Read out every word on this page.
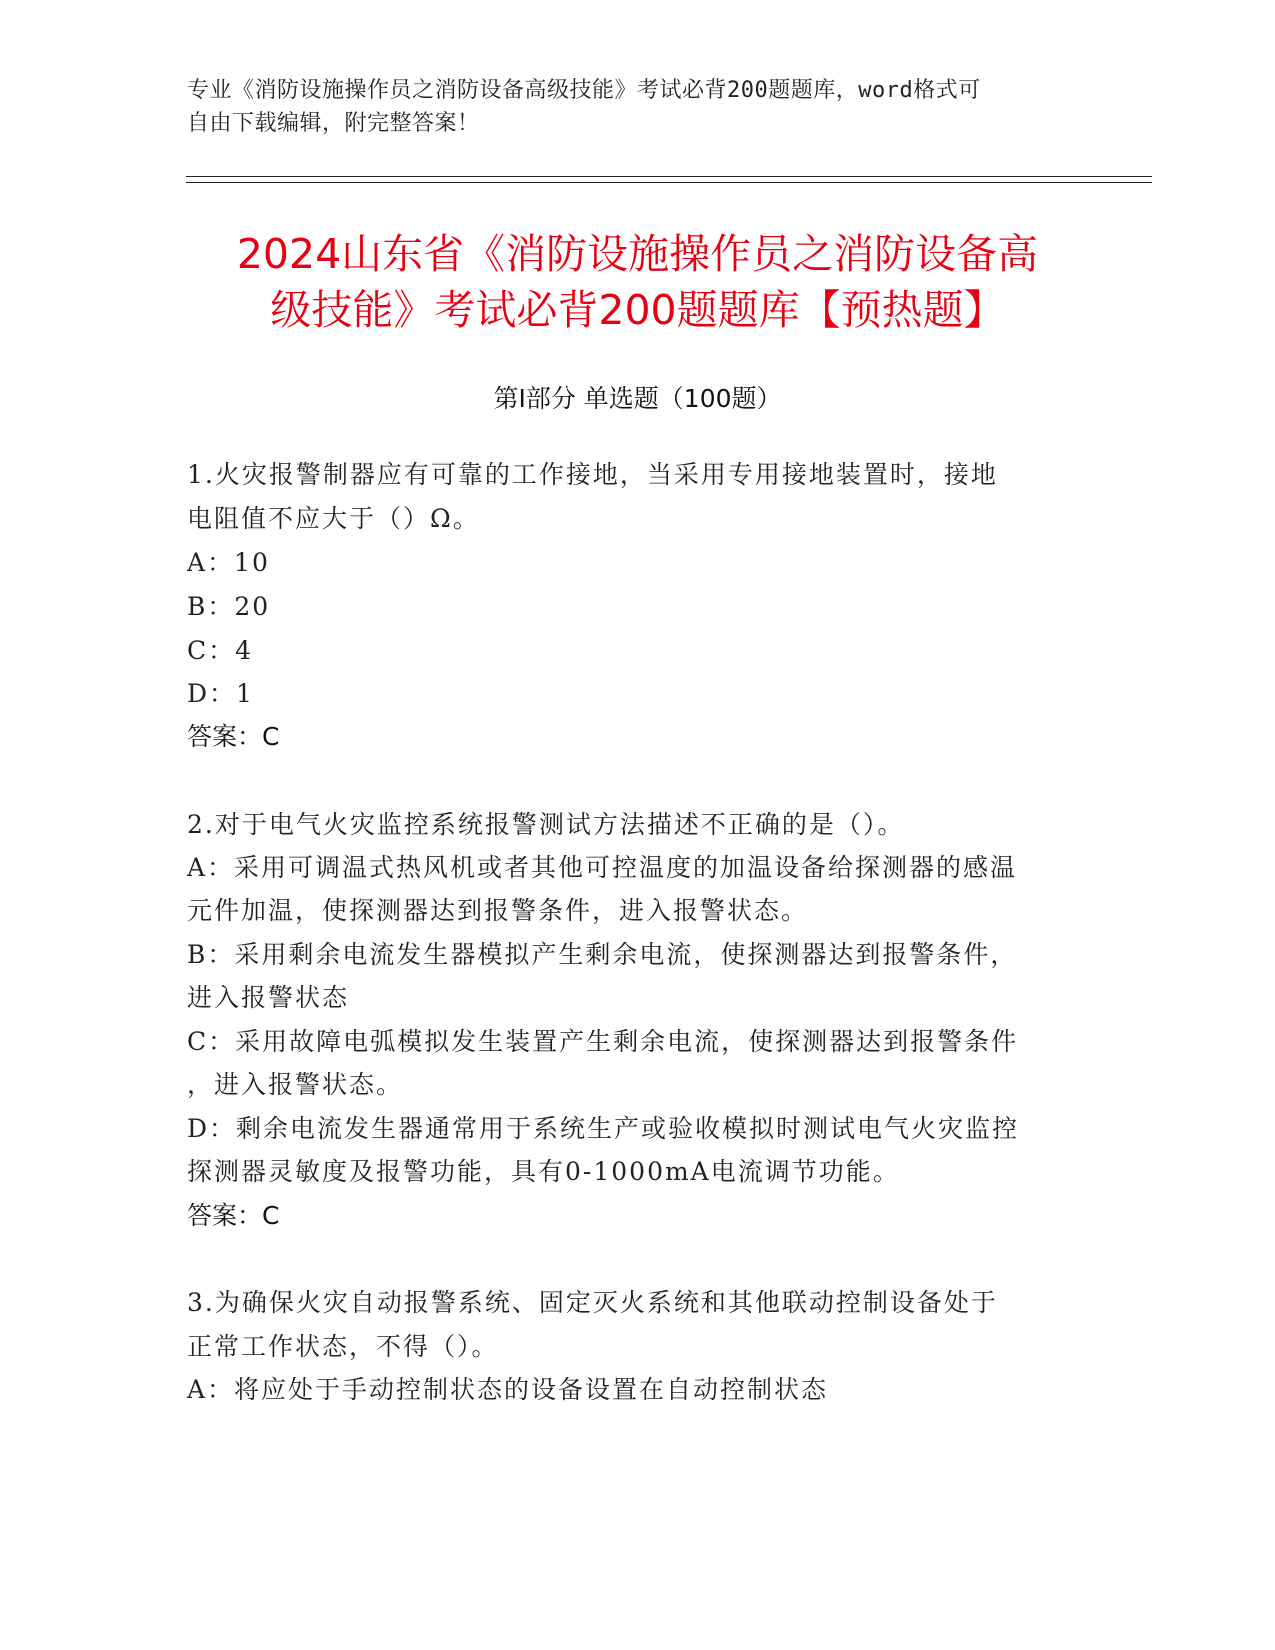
专业《消防设施操作员之消防设备高级技能》考试必背200题题库，word格式可
自由下载编辑，附完整答案！
2024山东省《消防设施操作员之消防设备高
级技能》考试必背200题题库【预热题】
第I部分 单选题（100题）
1.火灾报警制器应有可靠的工作接地，当采用专用接地装置时，接地
电阻值不应大于（）Ω。
A：10
B：20
C：4
D：1
答案：C
2.对于电气火灾监控系统报警测试方法描述不正确的是（）。
A：采用可调温式热风机或者其他可控温度的加温设备给探测器的感温
元件加温，使探测器达到报警条件，进入报警状态。
B：采用剩余电流发生器模拟产生剩余电流，使探测器达到报警条件，
进入报警状态
C：采用故障电弧模拟发生装置产生剩余电流，使探测器达到报警条件
，进入报警状态。
D：剩余电流发生器通常用于系统生产或验收模拟时测试电气火灾监控
探测器灵敏度及报警功能，具有0-1000mA电流调节功能。
答案：C
3.为确保火灾自动报警系统、固定灭火系统和其他联动控制设备处于
正常工作状态，不得（）。
A：将应处于手动控制状态的设备设置在自动控制状态
